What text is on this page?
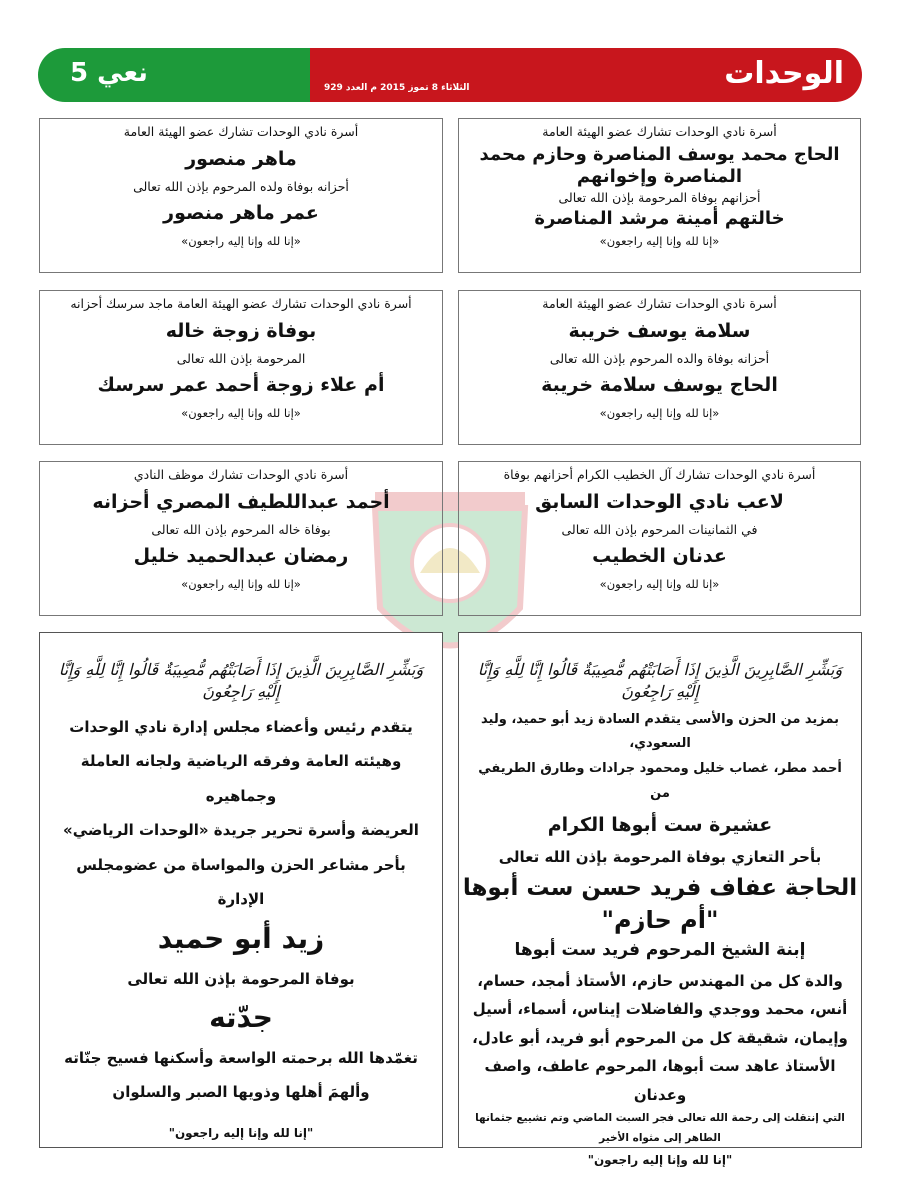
الوحدات
الثلاثاء 8 تموز 2015 م العدد 929
نعي 5
أسرة نادي الوحدات تشارك عضو الهيئة العامة
الحاج محمد يوسف المناصرة وحازم محمد المناصرة وإخوانهم
أحزانهم بوفاة المرحومة بإذن الله تعالى
خالتهم أمينة مرشد المناصرة
«إنا لله وإنا إليه راجعون»
أسرة نادي الوحدات تشارك عضو الهيئة العامة
ماهر منصور
أحزانه بوفاة ولده المرحوم بإذن الله تعالى
عمر ماهر منصور
«إنا لله وإنا إليه راجعون»
أسرة نادي الوحدات تشارك عضو الهيئة العامة
سلامة يوسف خريبة
أحزانه بوفاة والده المرحوم بإذن الله تعالى
الحاج يوسف سلامة خريبة
«إنا لله وإنا إليه راجعون»
أسرة نادي الوحدات تشارك عضو الهيئة العامة ماجد سرسك أحزانه
بوفاة زوجة خاله
المرحومة بإذن الله تعالى
أم علاء زوجة أحمد عمر سرسك
«إنا لله وإنا إليه راجعون»
أسرة نادي الوحدات تشارك آل الخطيب الكرام أحزانهم بوفاة
لاعب نادي الوحدات السابق
في الثمانينات المرحوم بإذن الله تعالى
عدنان الخطيب
«إنا لله وإنا إليه راجعون»
أسرة نادي الوحدات تشارك موظف النادي
أحمد عبداللطيف المصري أحزانه
بوفاة خاله المرحوم بإذن الله تعالى
رمضان عبدالحميد خليل
«إنا لله وإنا إليه راجعون»
وَبَشِّرِ الصَّابِرِينَ الَّذِينَ إِذَا أَصَابَتْهُم مُّصِيبَةٌ قَالُوا إِنَّا لِلَّهِ وَإِنَّا إِلَيْهِ رَاجِعُونَ
بمزيد من الحزن والأسى يتقدم السادة زيد أبو حميد، وليد السعودي،
أحمد مطر، غصاب خليل ومحمود جرادات وطارق الطريفي من
عشيرة ست أبوها الكرام
بأحر التعازي بوفاة المرحومة بإذن الله تعالى
الحاجة عفاف فريد حسن ست أبوها
"أم حازم"
إبنة الشيخ المرحوم فريد ست أبوها
والدة كل من المهندس حازم، الأستاذ أمجد، حسام،
أنس، محمد ووجدي والفاضلات إيناس، أسماء، أسيل
وإيمان، شقيقة كل من المرحوم أبو فريد، أبو عادل،
الأستاذ عاهد ست أبوها، المرحوم عاطف، واصف وعدنان
التي إنتقلت إلى رحمة الله تعالى فجر السبت الماضي وتم تشييع جثمانها الطاهر إلى مثواه الأخير
"إنا لله وإنا إليه راجعون"
وَبَشِّرِ الصَّابِرِينَ الَّذِينَ إِذَا أَصَابَتْهُم مُّصِيبَةٌ قَالُوا إِنَّا لِلَّهِ وَإِنَّا إِلَيْهِ رَاجِعُونَ
يتقدم رئيس وأعضاء مجلس إدارة نادي الوحدات
وهيئته العامة وفرقه الرياضية ولجانه العاملة وجماهيره
العريضة وأسرة تحرير جريدة «الوحدات الرياضي»
بأحر مشاعر الحزن والمواساة من عضومجلس الإدارة
زيد أبو حميد
بوفاة المرحومة بإذن الله تعالى
جدّته
تغمّدها الله برحمته الواسعة وأسكنها فسيح جنّاته
وألهمَ أهلها وذويها الصبر والسلوان
"إنا لله وإنا إليه راجعون"
